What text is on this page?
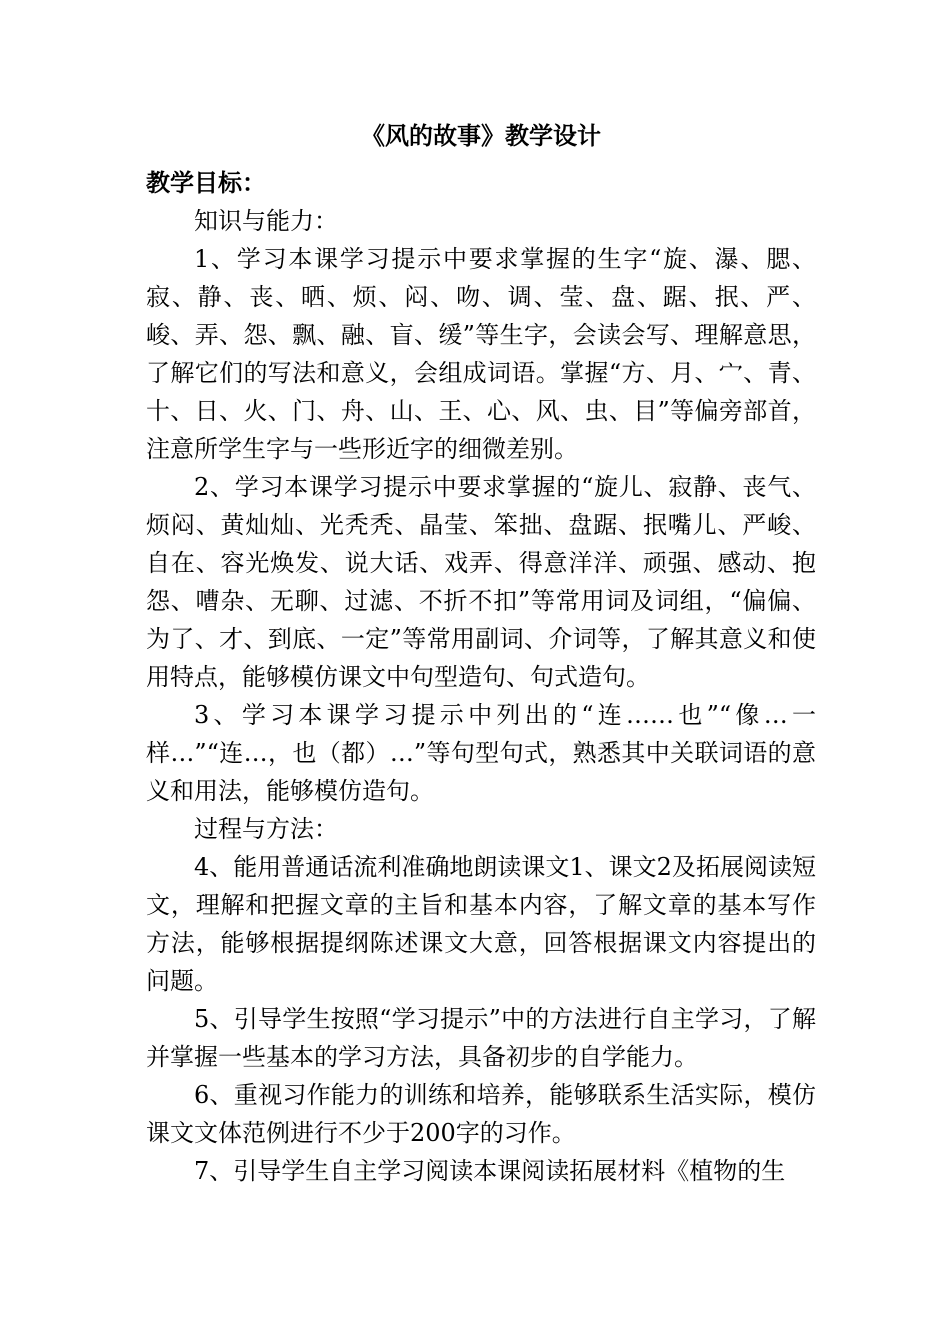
《风的故事》教学设计

教学目标：

知识与能力：

1、学习本课学习提示中要求掌握的生字“旋、瀑、腮、寂、静、丧、晒、烦、闷、吻、调、莹、盘、踞、抿、严、峻、弄、怨、飘、融、盲、缓”等生字，会读会写、理解意思，了解它们的写法和意义，会组成词语。掌握“方、月、宀、青、十、日、火、门、舟、山、王、心、风、虫、目”等偏旁部首，注意所学生字与一些形近字的细微差别。

2、学习本课学习提示中要求掌握的“旋儿、寂静、丧气、烦闷、黄灿灿、光秃秃、晶莹、笨拙、盘踞、抿嘴儿、严峻、自在、容光焕发、说大话、戏弄、得意洋洋、顽强、感动、抱怨、嘈杂、无聊、过滤、不折不扣”等常用词及词组，“偏偏、为了、才、到底、一定”等常用副词、介词等，了解其意义和使用特点，能够模仿课文中句型造句、句式造句。

3、学习本课学习提示中列出的“连……也”“像…一样…”“连…，也（都）…”等句型句式，熟悉其中关联词语的意义和用法，能够模仿造句。

过程与方法：

4、能用普通话流利准确地朗读课文1、课文2及拓展阅读短文，理解和把握文章的主旨和基本内容，了解文章的基本写作方法，能够根据提纲陈述课文大意，回答根据课文内容提出的问题。

5、引导学生按照“学习提示”中的方法进行自主学习，了解并掌握一些基本的学习方法，具备初步的自学能力。

6、重视习作能力的训练和培养，能够联系生活实际，模仿课文文体范例进行不少于200字的习作。

7、引导学生自主学习阅读本课阅读拓展材料《植物的生
